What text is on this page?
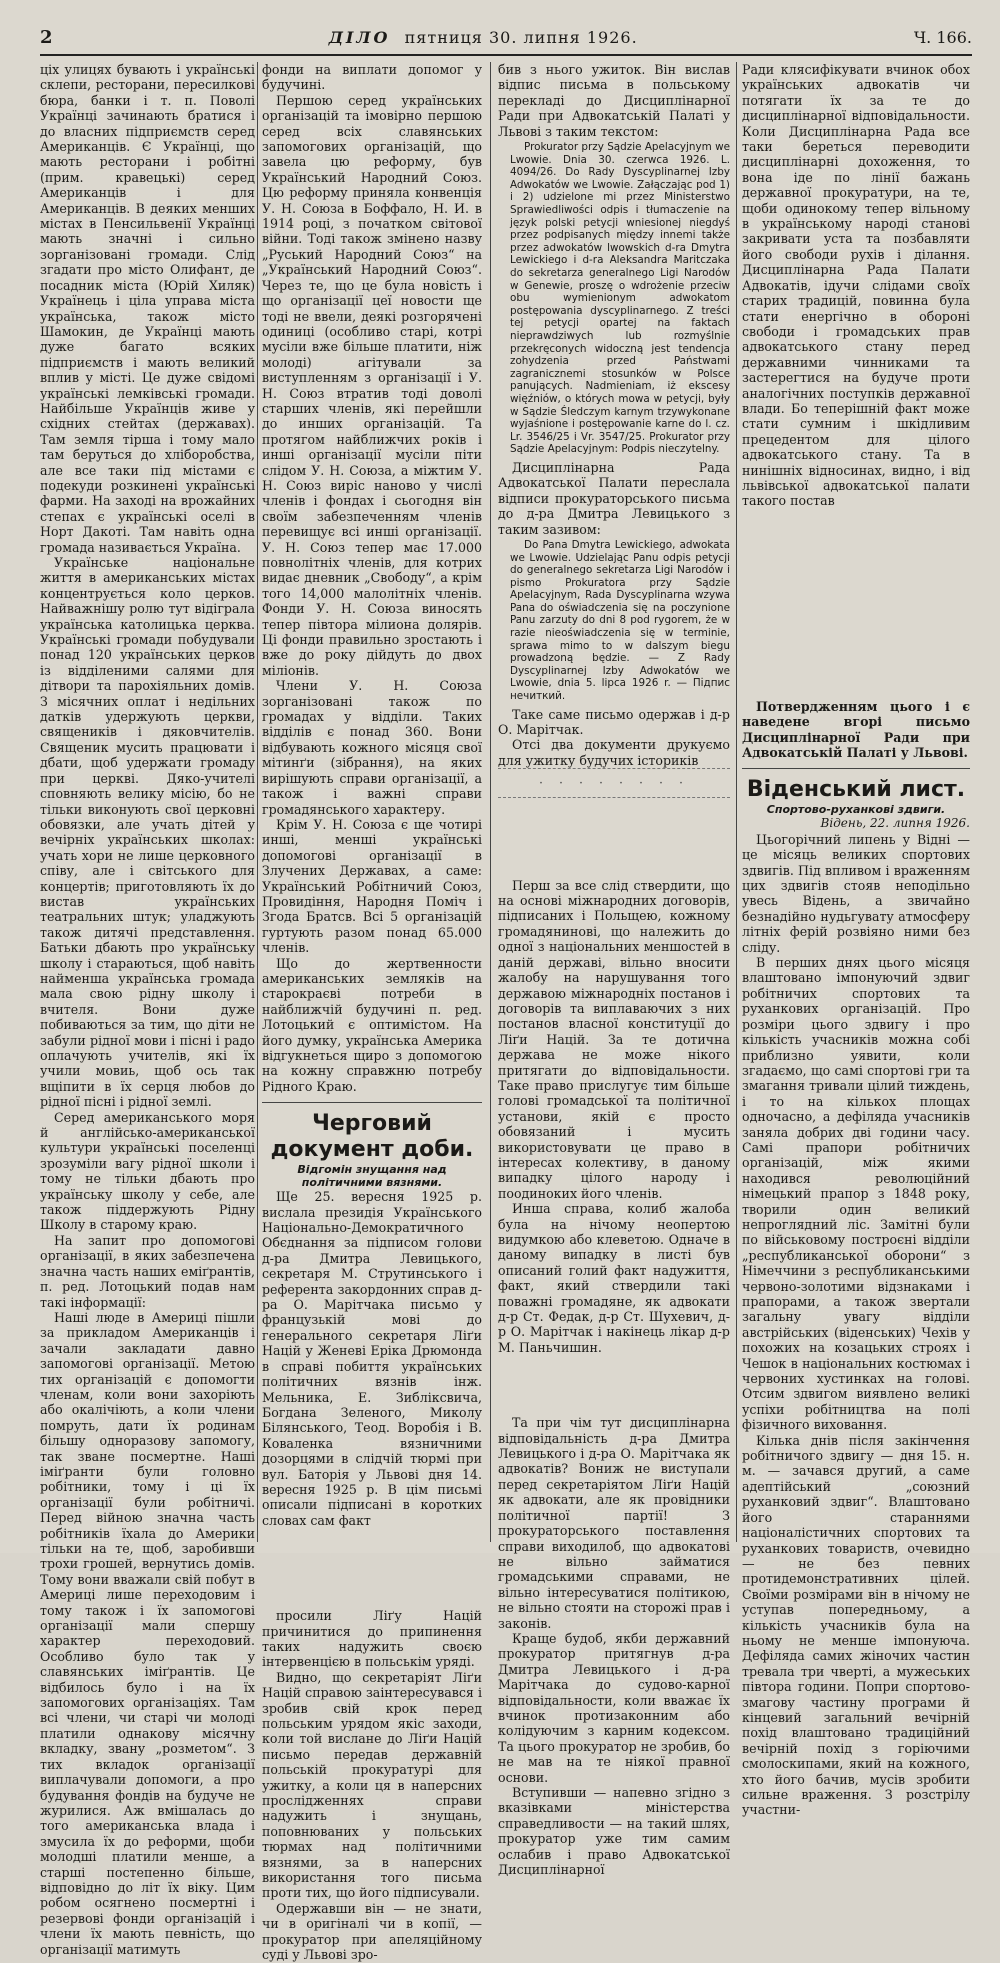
2	ДІЛО пятниця 30. липня 1926.	Ч. 166.

ціх улицях бувають і українські склепи, ресторани, пересилкові бюра, банки і т. п. Поволі Українці зачинають братися і до власних підприємств серед Американців. Є Українці, що мають ресторани і робітні (прим. кравецькі) серед Американців і для Американців. В деяких менших містах в Пенсильвенії Українці мають значні і сильно зорганізовані громади. Слід згадати про місто Олифант, де посадник міста (Юрій Хиляк) Українець і ціла управа міста українська, також місто Шамокин, де Українці мають дуже багато всяких підприємств і мають великий вплив у місті. Це дуже свідомі українські лемківські громади. Найбільше Українців живе у східних стейтах (державах). Там земля тірша і тому мало там беруться до хліборобства, але все таки під містами є подекуди розкинені українські фарми. На заході на врожайних степах є українські оселі в Норт Дакоті. Там навіть одна громада називається Україна.

Українське національне життя в американських містах концентрується коло церков. Найважнішу ролю тут відіграла українська католицька церква. Українські громади побудували понад 120 українських церков із відділеними салями для дітвори та парохіяльних домів. З місячних оплат і недільних датків удержують церкви, священиків і дяковчителів. Священик мусить працювати і дбати, щоб удержати громаду при церкві. Дяко-учителі сповняють велику місію, бо не тільки виконують свої церковні обовязки, але учать дітей у вечірніх українських школах: учать хори не лише церковного співу, але і світського для концертів; приготовляють їх до вистав українських театральних штук; уладжують також дитячі представлення. Батьки дбають про українську школу і стараються, щоб навіть найменша українська громада мала свою рідну школу і вчителя. Вони дуже побиваються за тим, що діти не забули рідної мови і пісні і радо оплачують учителів, які їх учили мовиь, щоб ось так вщіпити в їх серця любов до рідної пісні і рідної землі.

Серед американського моря й англійсько-американської культури українські поселенці зрозуміли вагу рідної школи і тому не тільки дбають про українську школу у себе, але також піддержують Рідну Школу в старому краю.

На запит про допомогові організації, в яких забезпечена значна часть наших еміґрантів, п. ред. Лотоцький подав нам такі інформації:

Наші люде в Америці пішли за прикладом Американців і зачали закладати давно запомогові організації. Метою тих організацій є допомогти членам, коли вони захоріють або окалічіють, а коли члени помруть, дати їх родинам більшу одноразову запомогу, так зване посмертне. Наші іміґранти були головно робітники, тому і ці їх організації були робітничі. Перед війною значна часть робітників їхала до Америки тільки на те, щоб, заробивши трохи грошей, вернутись домів. Тому вони вважали свій побут в Америці лише переходовим і тому також і їх запомогові організації мали спершу характер переходовий. Особливо було так у славянських іміґрантів. Це відбилось було і на їх запомогових організаціях. Там всі члени, чи старі чи молоді платили однакову місячну вкладку, звану „розметом“. З тих вкладок організації виплачували допомоги, а про будування фондів на будуче не журилися. Аж вмішалась до того американська влада і змусила їх до реформи, щоби молодші платили менше, а старші постепенно більше, відповідно до літ їх віку. Цим робом осягнено посмертні і резервові фонди організацій і члени їх мають певність, що організації матимуть

фонди на виплати допомог у будучині.

Першою серед українських організацій та імовірно першою серед всіх славянських запомогових організацій, що завела цю реформу, був Український Народний Союз. Цю реформу приняла конвенція У. Н. Союза в Боффало, Н. И. в 1914 році, з початком світової війни. Тоді також змінено назву „Руський Народний Союз“ на „Український Народний Союз“. Через те, що це була новість і що організації цеї новости ще тоді не ввели, деякі розгорячені одиниці (особливо старі, котрі мусіли вже більше платити, ніж молоді) агітували за виступленням з організації і У. Н. Союз втратив тоді доволі старших членів, які перейшли до инших організацій. Та протягом найближчих років і инші організації мусіли піти слідом У. Н. Союза, а міжтим У. Н. Союз виріс наново у числі членів і фондах і сьогодня він своїм забезпеченням членів перевищує всі инші організації. У. Н. Союз тепер має 17.000 повнолітніх членів, для котрих видає дневник „Свободу“, а крім того 14,000 малолітніх членів. Фонди У. Н. Союза виносять тепер півтора мілиона долярів. Ці фонди правильно зростають і вже до року дійдуть до двох міліонів.

Члени У. Н. Союза зорганізовані також по громадах у відділи. Таких відділів є понад 360. Вони відбувають кожного місяця свої мітинґи (зібрання), на яких вирішують справи організації, а також і важні справи громадянського характеру.

Крім У. Н. Союза є ще чотирі инші, менші українські допомогові організації в Злучених Державах, а саме: Український Робітничий Союз, Провидіння, Народня Поміч і Згода Братсв. Всі 5 організацій гуртують разом понад 65.000 членів.

Що до жертвенности американських земляків на старокраєві потреби в найближчій будучині п. ред. Лотоцький є оптимістом. На його думку, українська Америка відгукнеться щиро з допомогою на кожну справжню потребу Рідного Краю.

Черговий документ доби.

Відгомін знущання над політичними вязнями.

Ще 25. вересня 1925 р. вислала президія Українського Національно-Демократичного Обєднання за підписом голови д-ра Дмитра Левицького, секретаря М. Струтинського і референта закордонних справ д-ра О. Марітчака письмо у французькій мові до генерального секретаря Ліґи Націй у Женеві Еріка Дрюмонда в справі побиття українських політичних вязнів інж. Мельника, Е. Зибліксвича, Богдана Зеленого, Миколу Білянського, Теод. Воробія і В. Коваленка вязничними дозорцями в слідчій тюрмі при вул. Баторія у Львові дня 14. вересня 1925 р. В цім письмі описали підписані в коротких словах сам факт

просили Ліґу Націй причинитися до припинення таких надужить своєю інтервенцією в польськім уряді.

Видно, що секретаріят Ліґи Націй справою заінтересувався і зробив свій крок перед польським урядом якіс заходи, коли той вислане до Ліґи Націй письмо передав державній польській прокуратурі для ужитку, а коли ця в наперсних прослідженнях справи надужить і знущань, поповнюваних у польських тюрмах над політичними вязнями, за в наперсних використання того письма проти тих, що його підписували.

Одержавши він — не знати, чи в оригіналі чи в копії, — прокуратор при апеляційному суді у Львові зро-

бив з нього ужиток. Він вислав відпис письма в польському перекладі до Дисциплінарної Ради при Адвокатській Палаті у Львові з таким текстом:

Prokurator przy Sądzie Apelacyjnym we Lwowie. Dnia 30. czerwca 1926. L. 4094/26. Do Rady Dyscyplinarnej Izby Adwokatów we Lwowie. Załączając pod 1) i 2) udzielone mi przez Ministerstwo Sprawiedliwości odpis i tłumaczenie na język polski petycji wniesionej niegdyś przez podpisanych między innemi także przez adwokatów lwowskich d-ra Dmytra Lewickiego i d-ra Aleksandra Maritczaka do sekretarza generalnego Ligi Narodów w Genewie, proszę o wdrożenie przeciw obu wymienionym adwokatom postępowania dyscyplinarnego. Z treści tej petycji opartej na faktach nieprawdziwych lub rozmyślnie przekręconych widoczną jest tendencja zohydzenia przed Państwami zagranicznemi stosunków w Polsce panujących. Nadmieniam, iż ekscesy więźniów, o których mowa w petycji, były w Sądzie Śledczym karnym trzywykonane wyjaśnione i postępowanie karne do l. cz. Lr. 3546/25 i Vr. 3547/25. Prokurator przy Sądzie Apelacyjnym: Podpis nieczytelny.

Дисциплінарна Рада Адвокатської Палати переслала відписи прокураторського письма до д-ра Дмитра Левицького з таким зазивом:

Do Pana Dmytra Lewickiego, adwokata we Lwowie. Udzielając Panu odpis petycji do generalnego sekretarza Ligi Narodów i pismo Prokuratora przy Sądzie Apelacyjnym, Rada Dyscyplinarna wzywa Pana do oświadczenia się na poczynione Panu zarzuty do dni 8 pod rygorem, że w razie nieoświadczenia się w terminie, sprawa mimo to w dalszym biegu prowadzoną będzie. — Z Rady Dyscyplinarnej Izby Adwokatów we Lwowie, dnia 5. lipca 1926 r. — Підпис нечиткий.

Таке саме письмо одержав і д-р О. Марітчак.

Отсі два документи друкуємо для ужитку будучих істориків

· · · · · · · ·

Перш за все слід ствердити, що на основі міжнародних договорів, підписаних і Польщею, кожному громадянинові, що належить до одної з національних меншостей в даній державі, вільно вносити жалобу на нарушування того державою міжнародніх постанов і договорів та виплаваючих з них постанов власної конституції до Ліґи Націй. За те дотична держава не може нікого притягати до відповідальности. Таке право прислугує тим більше голові громадської та політичної установи, якій є просто обовязаний і мусить використовувати це право в інтересах колективу, в даному випадку цілого народу і поодиноких його членів.

Инша справа, колиб жалоба була на нічому неопертою видумкою або клеветою. Одначе в даному випадку в листі був описаний голий факт надужиття, факт, який ствердили такі поважні громадяне, як адвокати д-р Ст. Федак, д-р Ст. Шухевич, д-р О. Марітчак і накінець лікар д-р М. Паньчишин.

Та при чім тут дисциплінарна відповідальність д-ра Дмитра Левицького і д-ра О. Марітчака як адвокатів? Вониж не виступали перед секретаріятом Ліґи Націй як адвокати, але як провідники політичної партії! З прокураторського поставлення справи виходилоб, що адвокатові не вільно займатися громадськими справами, не вільно інтересуватися політикою, не вільно стояти на сторожі прав і законів.

Краще будоб, якби державний прокуратор притягнув д-ра Дмитра Левицького і д-ра Марітчака до судово-карної відповідальности, коли вважає їх вчинок протизаконним або колідуючим з карним кодексом. Та цього прокуратор не зробив, бо не мав на те ніякої правної основи.

Вступивши — напевно згідно з вказівками міністерства справедливости — на такий шлях, прокуратор уже тим самим ослабив і право Адвокатської Дисциплінарної

Ради кляcифікувати вчинок обох українських адвокатів чи потягати їх за те до дисциплінарної відповідальности. Коли Дисциплінарна Рада все таки береться переводити дисциплінарні дохоження, то вона іде по лінії бажань державної прокуратури, на те, щоби одинокому тепер вільному в українському народі станові закривати уста та позбавляти його свободи рухів і ділання. Дисциплінарна Рада Палати Адвокатів, ідучи слідами своїх старих традицій, повинна була стати енергічно в обороні свободи і громадських прав адвокатського стану перед державними чинниками та застерегтися на будуче проти аналогічних поступків державної влади. Бо теперішній факт може стати сумним і шкідливим прецедентом для цілого адвокатського стану. Та в нинішніх відносинах, видно, і від львівської адвокатської палати такого постав

Потвердженням цього і є наведене вгорі письмо Дисциплінарної Ради при Адвокатській Палаті у Львові.

Віденський лист.

Спортово-руханкові здвиги.

Відень, 22. липня 1926.

Цьогорічний липень у Відні — це місяць великих спортових здвигів. Під впливом і враженням цих здвигів стояв неподільно увесь Відень, а звичайно безнадійно нудьгувату атмосферу літніх ферій розвіяно ними без сліду.

В перших днях цього місяця влаштовано імпонуючий здвиг робітничих спортових та руханкових організацій. Про розміри цього здвигу і про кількість учасників можна собі приблизно уявити, коли згадаємо, що самі спортові гри та змагання тривали цілий тиждень, і то на кількох площах одночасно, а дефіляда учасників заняла добрих дві години часу. Самі прапори робітничих організацій, між якими находився революційний німецький прапор з 1848 року, творили один великий непроглядний ліс. Замітні були по військовому построєні відділи „республиканської оборони“ з Німеччини з республиканськими червоно-золотими відзнаками і прапорами, а також звертали загальну увагу відділи австрійських (віденських) Чехів у похожих на козацьких строях і Чешок в національних костюмах і червоних хустинках на голові. Отсим здвигом виявлено великі успіхи робітництва на полі фізичного виховання.

Кілька днів після закінчення робітничого здвигу — дня 15. н. м. — зачався другий, а саме адептійський „союзний руханковий здвиг“. Влаштовано його стараннями націоналістичних спортових та руханкових товариств, очевидно — не без певних протидемонстративних цілей. Своїми розмірами він в нічому не уступав попередньому, а кількість учасників була на ньому не менше імпонуюча. Дефіляда самих жіночих частин тревала три чверті, а мужеських півтора години. Попри спортово-змагову частину програми й кінцевий загальний вечірній похід влаштовано традиційний вечірній похід з горіючими смолоскипами, який на кожного, хто його бачив, мусів зробити сильне враження. З розстрілу участни-
